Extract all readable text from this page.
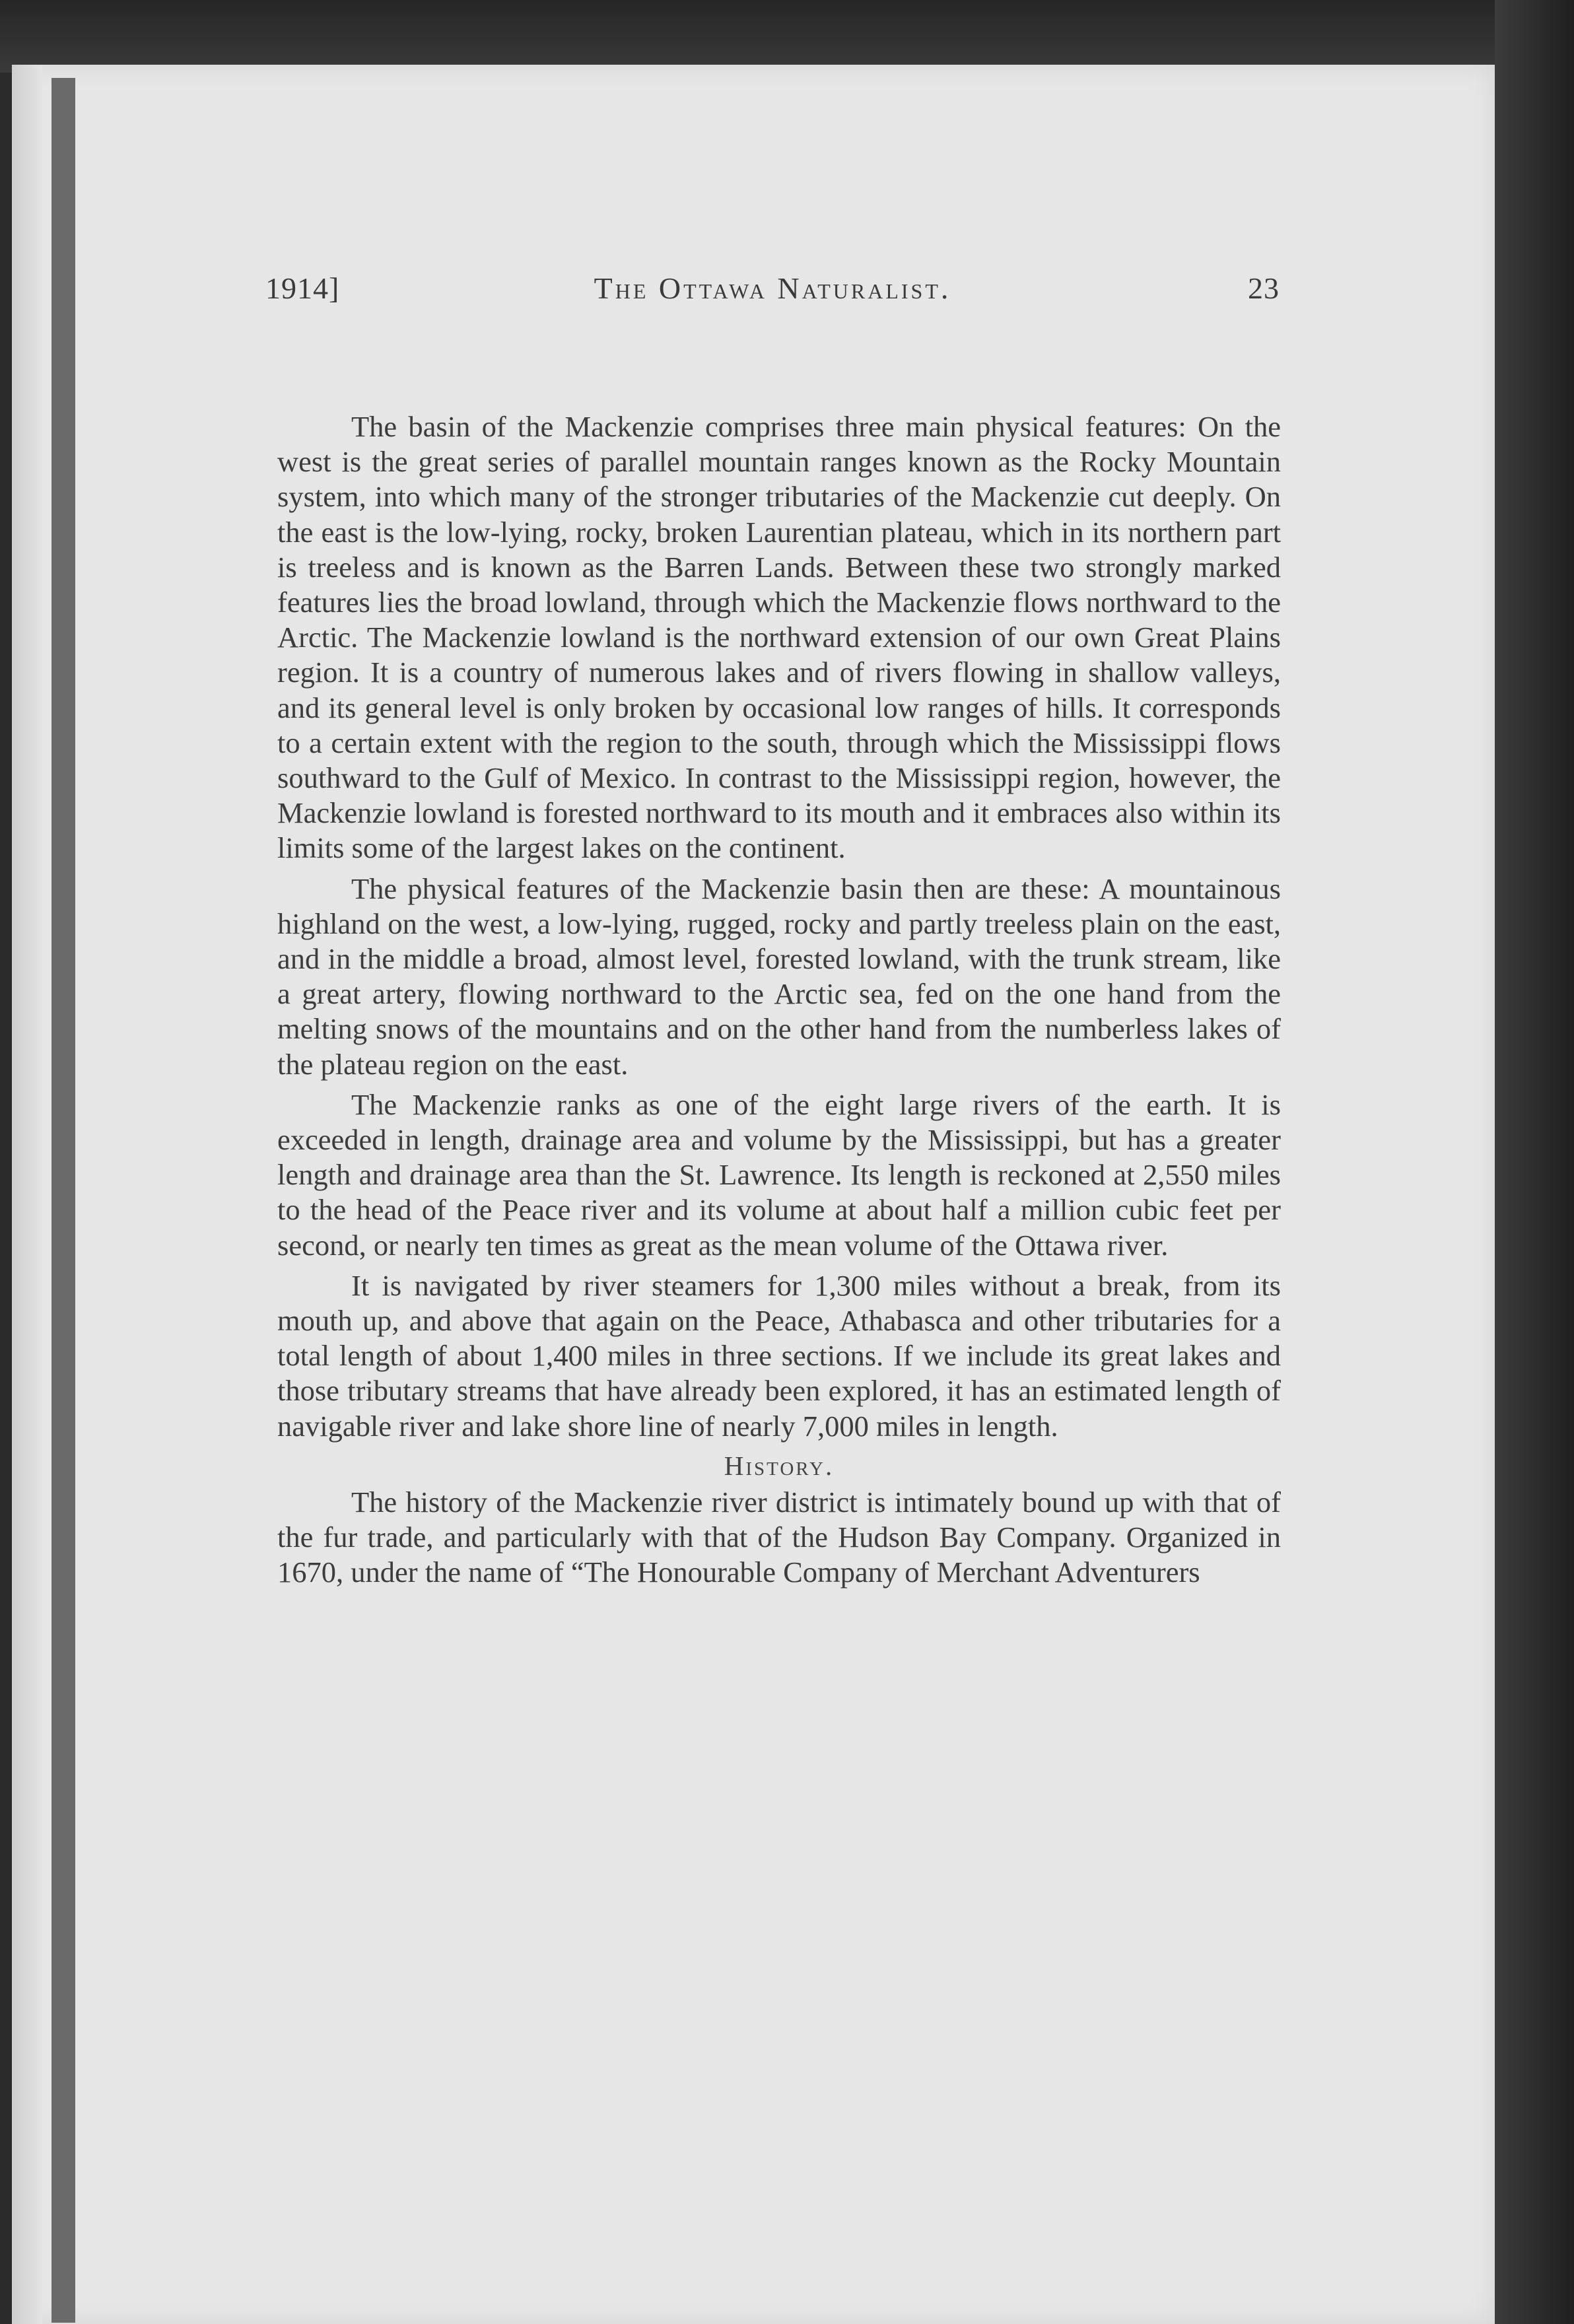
1914]	The Ottawa Naturalist.	23

The basin of the Mackenzie comprises three main physical features: On the west is the great series of parallel mountain ranges known as the Rocky Mountain system, into which many of the stronger tributaries of the Mackenzie cut deeply. On the east is the low-lying, rocky, broken Laurentian plateau, which in its northern part is treeless and is known as the Barren Lands. Between these two strongly marked features lies the broad lowland, through which the Mackenzie flows northward to the Arctic. The Mackenzie lowland is the northward extension of our own Great Plains region. It is a country of numerous lakes and of rivers flowing in shallow valleys, and its general level is only broken by occasional low ranges of hills. It corresponds to a certain extent with the region to the south, through which the Mississippi flows southward to the Gulf of Mexico. In contrast to the Mississippi region, however, the Mackenzie lowland is forested northward to its mouth and it embraces also within its limits some of the largest lakes on the continent.

The physical features of the Mackenzie basin then are these: A mountainous highland on the west, a low-lying, rugged, rocky and partly treeless plain on the east, and in the middle a broad, almost level, forested lowland, with the trunk stream, like a great artery, flowing northward to the Arctic sea, fed on the one hand from the melting snows of the mountains and on the other hand from the numberless lakes of the plateau region on the east.

The Mackenzie ranks as one of the eight large rivers of the earth. It is exceeded in length, drainage area and volume by the Mississippi, but has a greater length and drainage area than the St. Lawrence. Its length is reckoned at 2,550 miles to the head of the Peace river and its volume at about half a million cubic feet per second, or nearly ten times as great as the mean volume of the Ottawa river.

It is navigated by river steamers for 1,300 miles without a break, from its mouth up, and above that again on the Peace, Athabasca and other tributaries for a total length of about 1,400 miles in three sections. If we include its great lakes and those tributary streams that have already been explored, it has an estimated length of navigable river and lake shore line of nearly 7,000 miles in length.

History.

The history of the Mackenzie river district is intimately bound up with that of the fur trade, and particularly with that of the Hudson Bay Company. Organized in 1670, under the name of “The Honourable Company of Merchant Adventurers
